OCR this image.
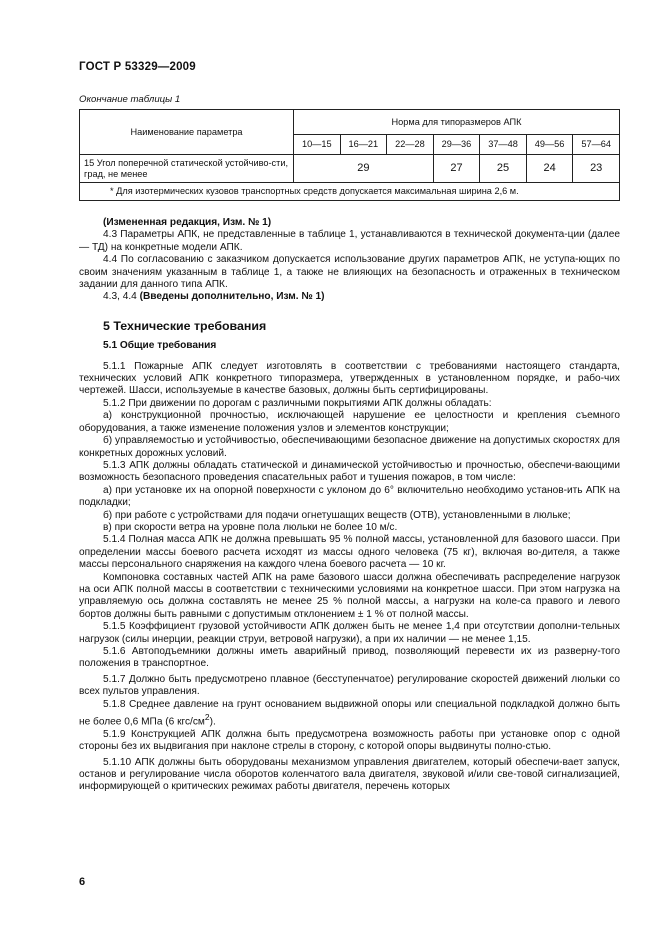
ГОСТ Р 53329—2009
Окончание таблицы 1
Наименование параметра	Норма для типоразмеров АПК						
	10—15	16—21	22—28	29—36	37—48	49—56	57—64
15 Угол поперечной статической устойчиво-сти, град, не менее	29			27	25	24	23
* Для изотермических кузовов транспортных средств допускается максимальная ширина 2,6 м.							

(Измененная редакция, Изм. № 1)

4.3 Параметры АПК, не представленные в таблице 1, устанавливаются в технической документа-ции (далее — ТД) на конкретные модели АПК.

4.4 По согласованию с заказчиком допускается использование других параметров АПК, не уступа-ющих по своим значениям указанным в таблице 1, а также не влияющих на безопасность и отраженных в техническом задании для данного типа АПК.

4.3, 4.4 (Введены дополнительно, Изм. № 1)

5 Технические требования

5.1 Общие требования

5.1.1 Пожарные АПК следует изготовлять в соответствии с требованиями настоящего стандарта, технических условий АПК конкретного типоразмера, утвержденных в установленном порядке, и рабо-чих чертежей. Шасси, используемые в качестве базовых, должны быть сертифицированы.

5.1.2 При движении по дорогам с различными покрытиями АПК должны обладать:

а) конструкционной прочностью, исключающей нарушение ее целостности и крепления съемного оборудования, а также изменение положения узлов и элементов конструкции;

б) управляемостью и устойчивостью, обеспечивающими безопасное движение на допустимых скоростях для конкретных дорожных условий.

5.1.3 АПК должны обладать статической и динамической устойчивостью и прочностью, обеспечи-вающими возможность безопасного проведения спасательных работ и тушения пожаров, в том числе:

а) при установке их на опорной поверхности с уклоном до 6° включительно необходимо установ-ить АПК на подкладки;

б) при работе с устройствами для подачи огнетушащих веществ (ОТВ), установленными в люльке;

в) при скорости ветра на уровне пола люльки не более 10 м/с.

5.1.4 Полная масса АПК не должна превышать 95 % полной массы, установленной для базового шасси. При определении массы боевого расчета исходят из массы одного человека (75 кг), включая во-дителя, а также массы персонального снаряжения на каждого члена боевого расчета — 10 кг.

Компоновка составных частей АПК на раме базового шасси должна обеспечивать распределение нагрузок на оси АПК полной массы в соответствии с техническими условиями на конкретное шасси. При этом нагрузка на управляемую ось должна составлять не менее 25 % полной массы, а нагрузки на коле-са правого и левого бортов должны быть равными с допустимым отклонением ± 1 % от полной массы.

5.1.5 Коэффициент грузовой устойчивости АПК должен быть не менее 1,4 при отсутствии дополни-тельных нагрузок (силы инерции, реакции струи, ветровой нагрузки), а при их наличии — не менее 1,15.

5.1.6 Автоподъемники должны иметь аварийный привод, позволяющий перевести их из разверну-того положения в транспортное.

5.1.7 Должно быть предусмотрено плавное (бесступенчатое) регулирование скоростей движений люльки со всех пультов управления.

5.1.8 Среднее давление на грунт основанием выдвижной опоры или специальной подкладкой должно быть не более 0,6 МПа (6 кгс/$см^2$).

5.1.9 Конструкцией АПК должна быть предусмотрена возможность работы при установке опор с одной стороны без их выдвигания при наклоне стрелы в сторону, с которой опоры выдвинуты полно-стью.

5.1.10 АПК должны быть оборудованы механизмом управления двигателем, который обеспечи-вает запуск, останов и регулирование числа оборотов коленчатого вала двигателя, звуковой и/или све-товой сигнализацией, информирующей о критических режимах работы двигателя, перечень которых

6
